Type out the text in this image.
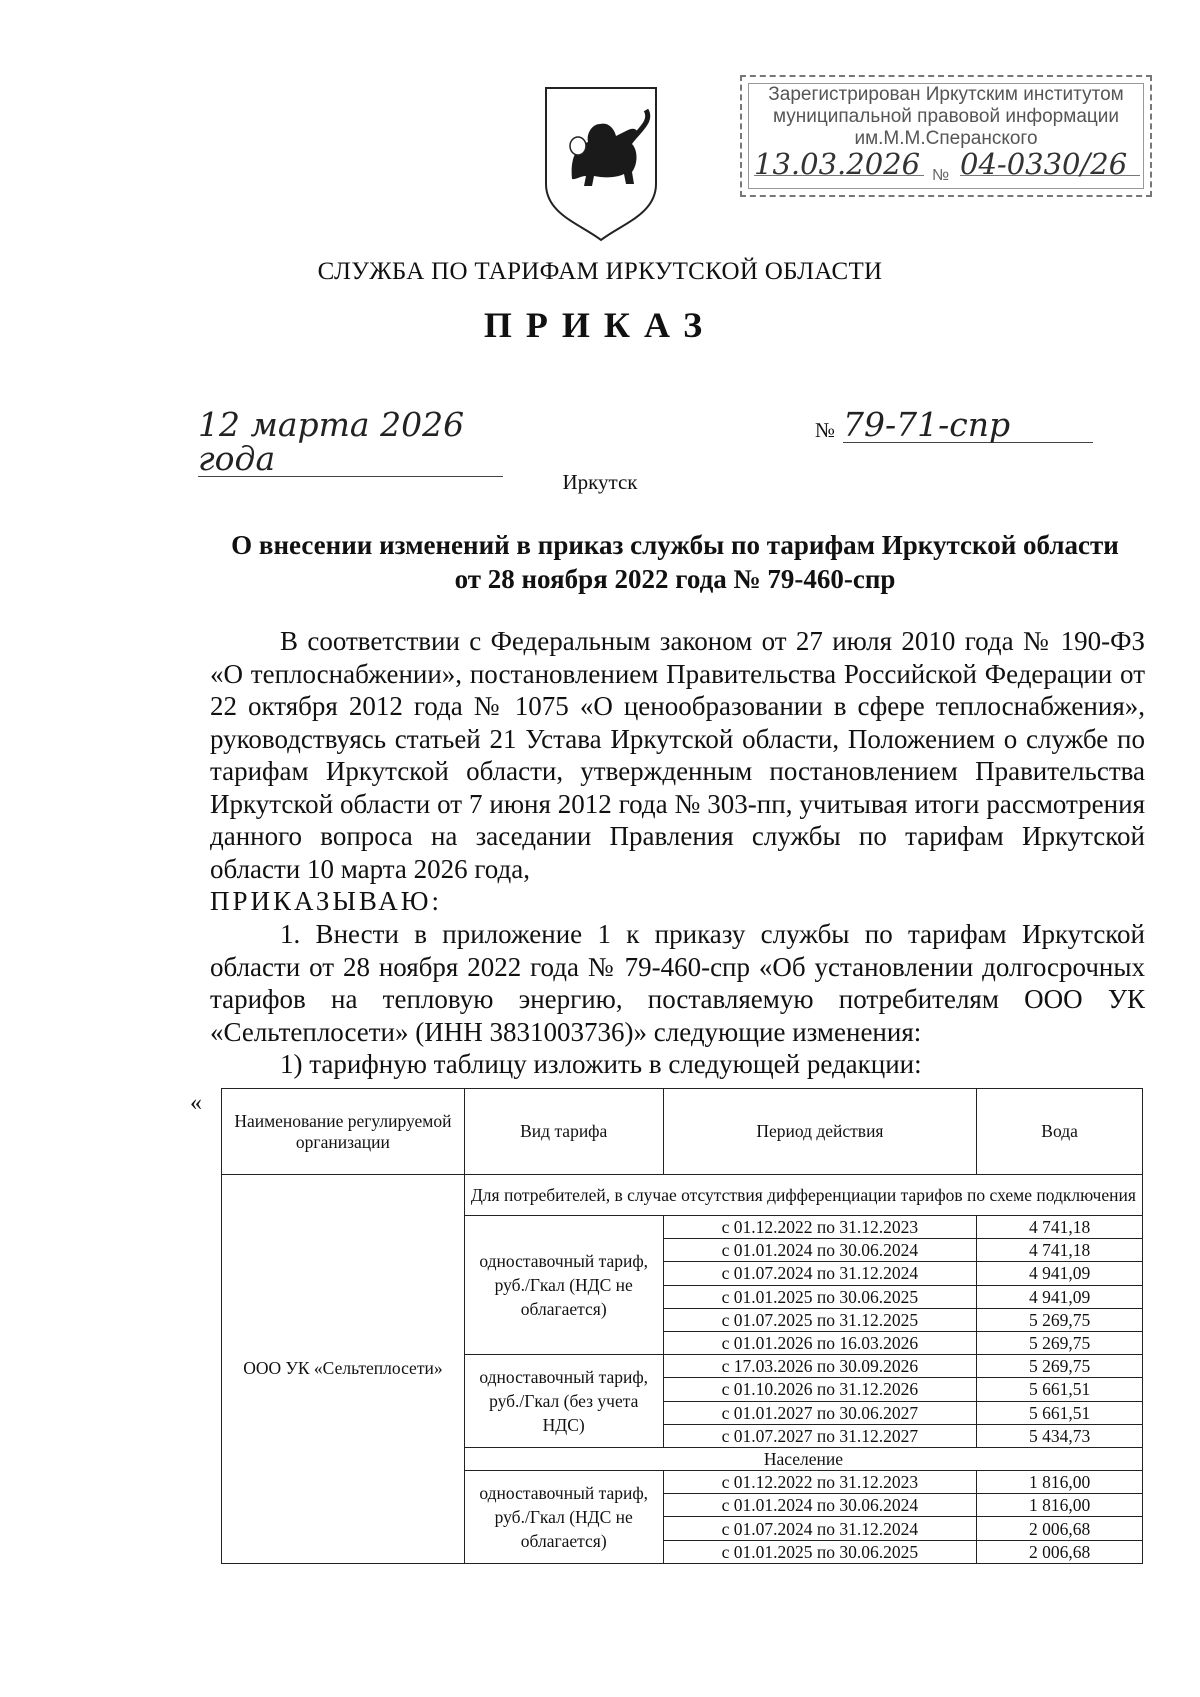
Зарегистрирован Иркутским институтом
муниципальной правовой информации
им.М.М.Сперанского
13.03.2026 № 04-0330/26
СЛУЖБА ПО ТАРИФАМ ИРКУТСКОЙ ОБЛАСТИ
ПРИКАЗ
12 марта 2026 года
№ 79-71-спр
Иркутск
О внесении изменений в приказ службы по тарифам Иркутской области
от 28 ноября 2022 года № 79-460-спр
В соответствии с Федеральным законом от 27 июля 2010 года № 190-ФЗ «О теплоснабжении», постановлением Правительства Российской Федерации от 22 октября 2012 года № 1075 «О ценообразовании в сфере теплоснабжения», руководствуясь статьей 21 Устава Иркутской области, Положением о службе по тарифам Иркутской области, утвержденным постановлением Правительства Иркутской области от 7 июня 2012 года № 303-пп, учитывая итоги рассмотрения данного вопроса на заседании Правления службы по тарифам Иркутской области 10 марта 2026 года,
ПРИКАЗЫВАЮ:
1. Внести в приложение 1 к приказу службы по тарифам Иркутской области от 28 ноября 2022 года № 79-460-спр «Об установлении долгосрочных тарифов на тепловую энергию, поставляемую потребителям ООО УК «Сельтеплосети» (ИНН 3831003736)» следующие изменения:
1) тарифную таблицу изложить в следующей редакции:
«
Наименование регулируемой организации	Вид тарифа	Период действия	Вода
ООО УК «Сельтеплосети»	Для потребителей, в случае отсутствия дифференциации тарифов по схеме подключения		
	одноставочный тариф, руб./Гкал (НДС не облагается)	с 01.12.2022 по 31.12.2023	4 741,18
		с 01.01.2024 по 30.06.2024	4 741,18
		с 01.07.2024 по 31.12.2024	4 941,09
		с 01.01.2025 по 30.06.2025	4 941,09
		с 01.07.2025 по 31.12.2025	5 269,75
		с 01.01.2026 по 16.03.2026	5 269,75
	одноставочный тариф, руб./Гкал (без учета НДС)	с 17.03.2026 по 30.09.2026	5 269,75
		с 01.10.2026 по 31.12.2026	5 661,51
		с 01.01.2027 по 30.06.2027	5 661,51
		с 01.07.2027 по 31.12.2027	5 434,73
	Население		
	одноставочный тариф, руб./Гкал (НДС не облагается)	с 01.12.2022 по 31.12.2023	1 816,00
		с 01.01.2024 по 30.06.2024	1 816,00
		с 01.07.2024 по 31.12.2024	2 006,68
		с 01.01.2025 по 30.06.2025	2 006,68
